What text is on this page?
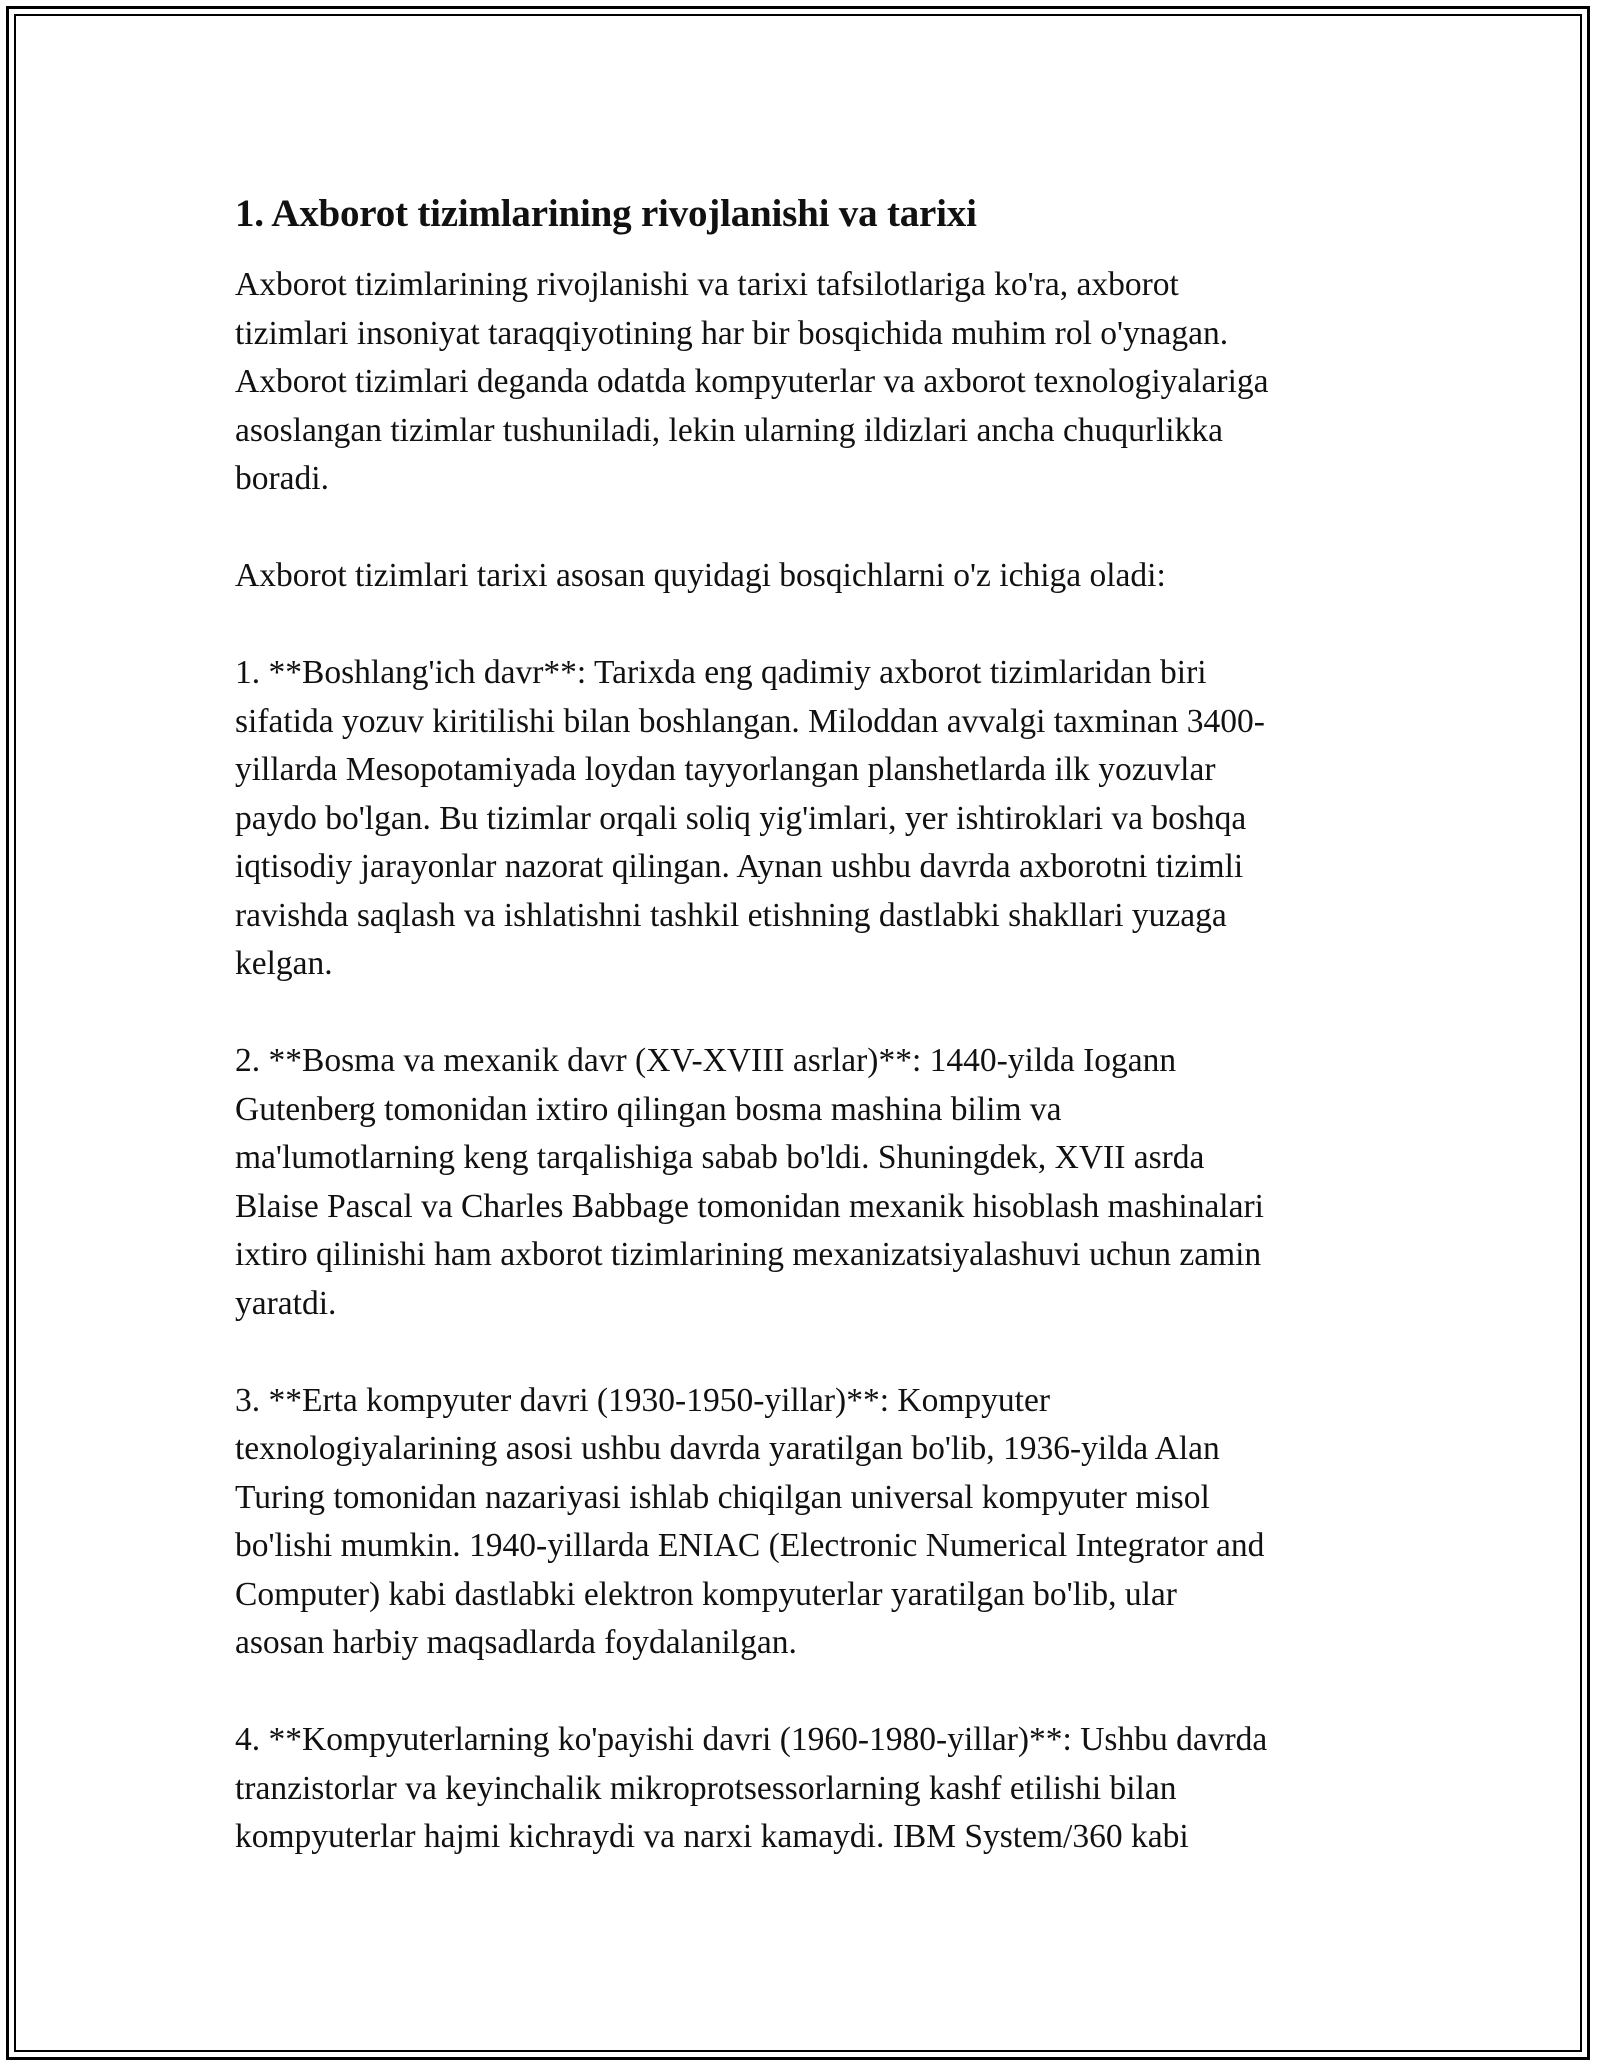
1. Axborot tizimlarining rivojlanishi va tarixi

Axborot tizimlarining rivojlanishi va tarixi tafsilotlariga ko'ra, axborot
tizimlari insoniyat taraqqiyotining har bir bosqichida muhim rol o'ynagan.
Axborot tizimlari deganda odatda kompyuterlar va axborot texnologiyalariga
asoslangan tizimlar tushuniladi, lekin ularning ildizlari ancha chuqurlikka
boradi.

Axborot tizimlari tarixi asosan quyidagi bosqichlarni o'z ichiga oladi:

1. **Boshlang'ich davr**: Tarixda eng qadimiy axborot tizimlaridan biri
sifatida yozuv kiritilishi bilan boshlangan. Miloddan avvalgi taxminan 3400-
yillarda Mesopotamiyada loydan tayyorlangan planshetlarda ilk yozuvlar
paydo bo'lgan. Bu tizimlar orqali soliq yig'imlari, yer ishtiroklari va boshqa
iqtisodiy jarayonlar nazorat qilingan. Aynan ushbu davrda axborotni tizimli
ravishda saqlash va ishlatishni tashkil etishning dastlabki shakllari yuzaga
kelgan.

2. **Bosma va mexanik davr (XV-XVIII asrlar)**: 1440-yilda Iogann
Gutenberg tomonidan ixtiro qilingan bosma mashina bilim va
ma'lumotlarning keng tarqalishiga sabab bo'ldi. Shuningdek, XVII asrda
Blaise Pascal va Charles Babbage tomonidan mexanik hisoblash mashinalari
ixtiro qilinishi ham axborot tizimlarining mexanizatsiyalashuvi uchun zamin
yaratdi.

3. **Erta kompyuter davri (1930-1950-yillar)**: Kompyuter
texnologiyalarining asosi ushbu davrda yaratilgan bo'lib, 1936-yilda Alan
Turing tomonidan nazariyasi ishlab chiqilgan universal kompyuter misol
bo'lishi mumkin. 1940-yillarda ENIAC (Electronic Numerical Integrator and
Computer) kabi dastlabki elektron kompyuterlar yaratilgan bo'lib, ular
asosan harbiy maqsadlarda foydalanilgan.

4. **Kompyuterlarning ko'payishi davri (1960-1980-yillar)**: Ushbu davrda
tranzistorlar va keyinchalik mikroprotsessorlarning kashf etilishi bilan
kompyuterlar hajmi kichraydi va narxi kamaydi. IBM System/360 kabi
